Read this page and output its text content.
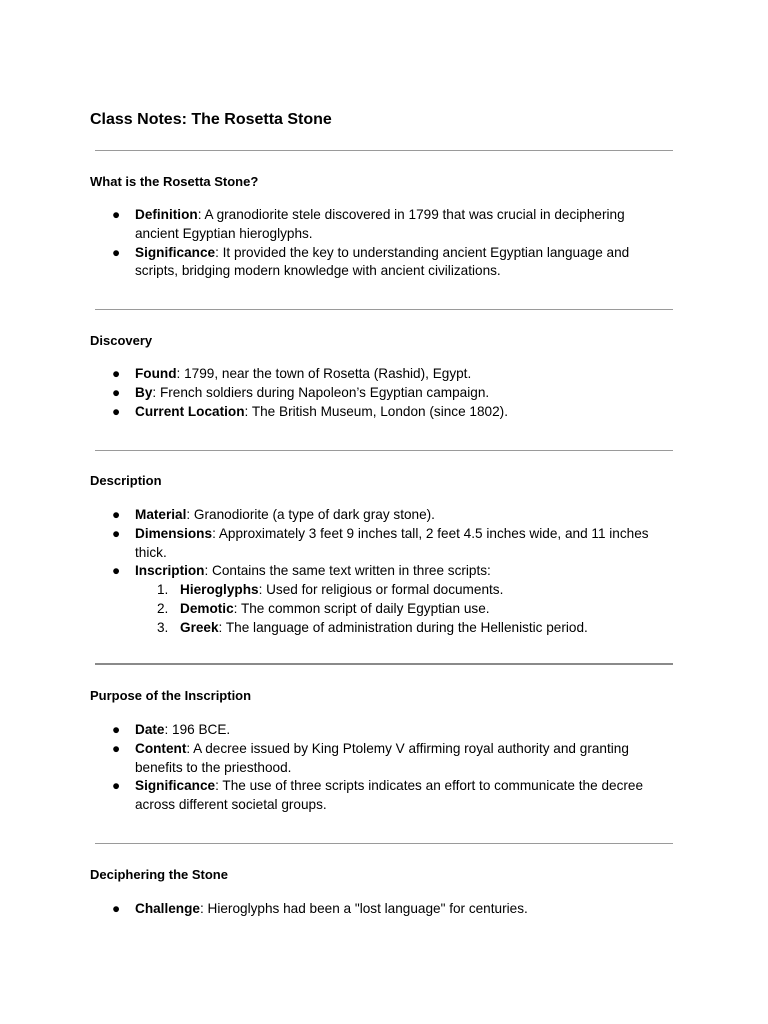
Class Notes: The Rosetta Stone
What is the Rosetta Stone?
● Definition: A granodiorite stele discovered in 1799 that was crucial in deciphering ancient Egyptian hieroglyphs.
● Significance: It provided the key to understanding ancient Egyptian language and scripts, bridging modern knowledge with ancient civilizations.
Discovery
● Found: 1799, near the town of Rosetta (Rashid), Egypt.
● By: French soldiers during Napoleon’s Egyptian campaign.
● Current Location: The British Museum, London (since 1802).
Description
● Material: Granodiorite (a type of dark gray stone).
● Dimensions: Approximately 3 feet 9 inches tall, 2 feet 4.5 inches wide, and 11 inches thick.
● Inscription: Contains the same text written in three scripts:
1. Hieroglyphs: Used for religious or formal documents.
2. Demotic: The common script of daily Egyptian use.
3. Greek: The language of administration during the Hellenistic period.
Purpose of the Inscription
● Date: 196 BCE.
● Content: A decree issued by King Ptolemy V affirming royal authority and granting benefits to the priesthood.
● Significance: The use of three scripts indicates an effort to communicate the decree across different societal groups.
Deciphering the Stone
● Challenge: Hieroglyphs had been a "lost language" for centuries.
